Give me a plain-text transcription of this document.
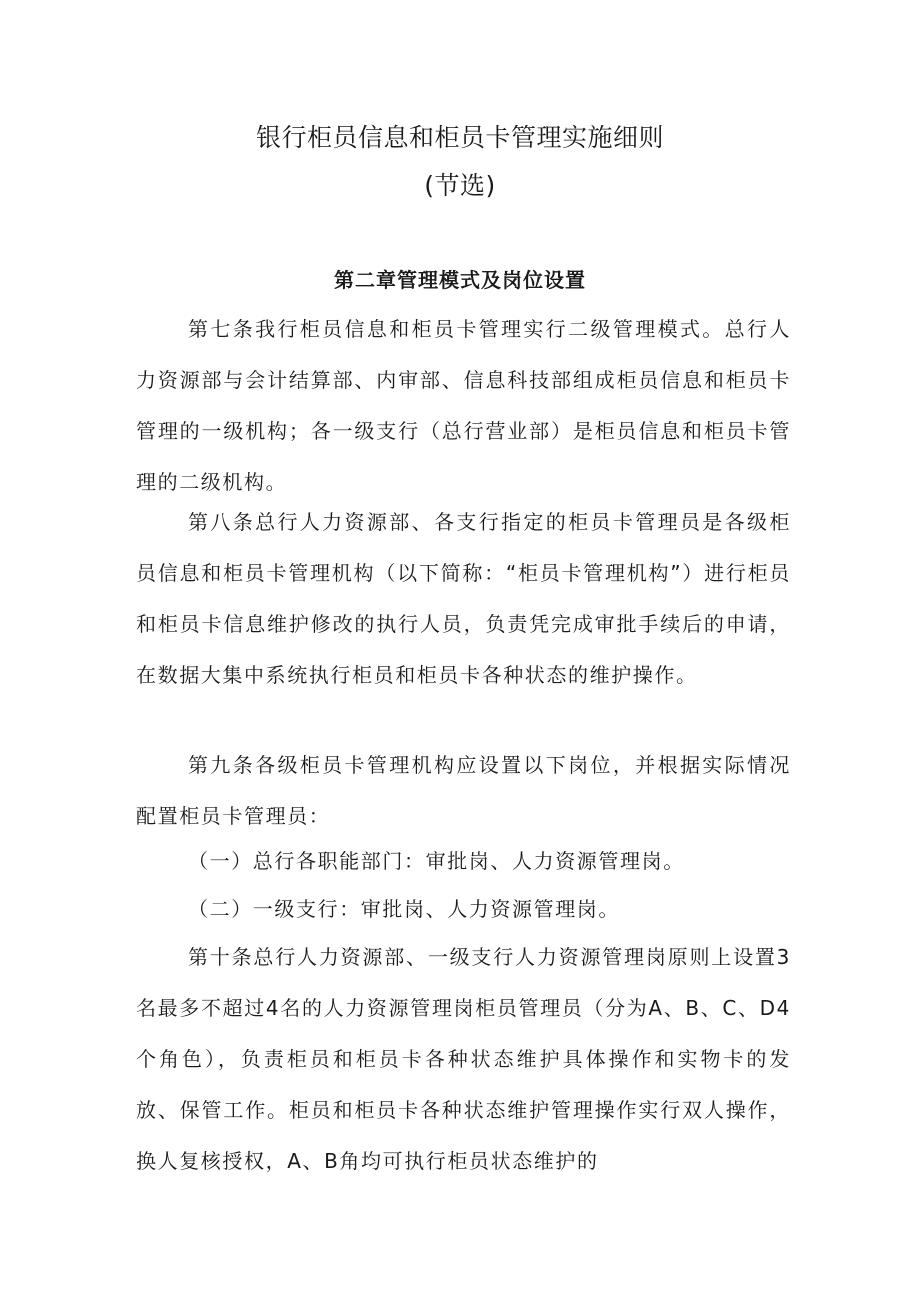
银行柜员信息和柜员卡管理实施细则
(节选)
第二章管理模式及岗位设置

第七条我行柜员信息和柜员卡管理实行二级管理模式。总行人力资源部与会计结算部、内审部、信息科技部组成柜员信息和柜员卡管理的一级机构；各一级支行（总行营业部）是柜员信息和柜员卡管理的二级机构。

第八条总行人力资源部、各支行指定的柜员卡管理员是各级柜员信息和柜员卡管理机构（以下简称：“柜员卡管理机构”）进行柜员和柜员卡信息维护修改的执行人员，负责凭完成审批手续后的申请，在数据大集中系统执行柜员和柜员卡各种状态的维护操作。

第九条各级柜员卡管理机构应设置以下岗位，并根据实际情况配置柜员卡管理员：

（一）总行各职能部门：审批岗、人力资源管理岗。

（二）一级支行：审批岗、人力资源管理岗。

第十条总行人力资源部、一级支行人力资源管理岗原则上设置3名最多不超过4名的人力资源管理岗柜员管理员（分为A、B、C、D4个角色），负责柜员和柜员卡各种状态维护具体操作和实物卡的发放、保管工作。柜员和柜员卡各种状态维护管理操作实行双人操作，换人复核授权，A、B角均可执行柜员状态维护的
